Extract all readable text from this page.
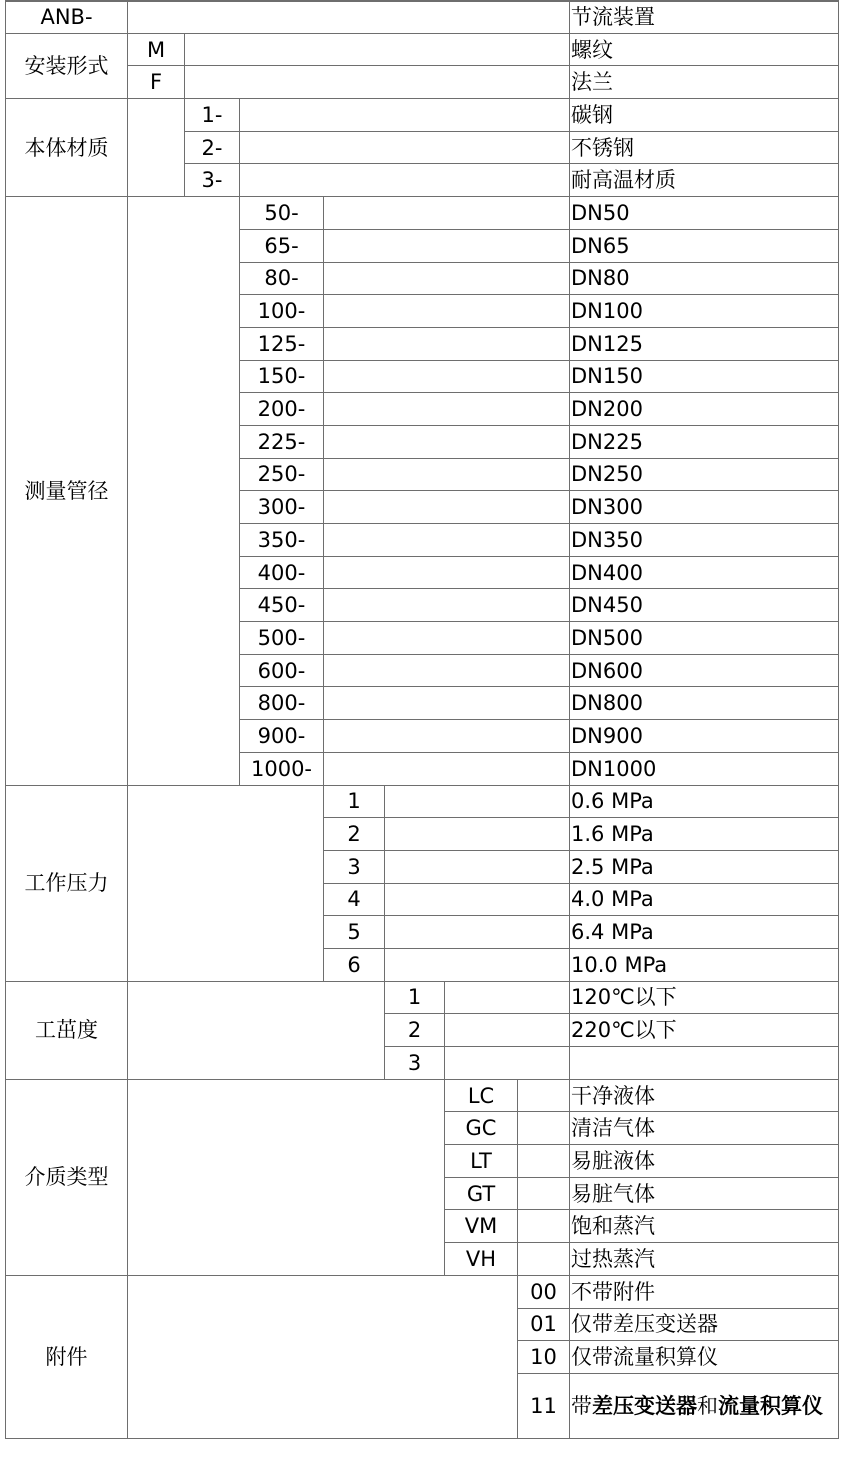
ANB-								节流装置
安装形式	M							螺纹
	F							法兰
本体材质		1-						碳钢
		2-						不锈钢
		3-						耐高温材质
测量管径			50-					DN50
			65-					DN65
			80-					DN80
			100-					DN100
			125-					DN125
			150-					DN150
			200-					DN200
			225-					DN225
			250-					DN250
			300-					DN300
			350-					DN350
			400-					DN400
			450-					DN450
			500-					DN500
			600-					DN600
			800-					DN800
			900-					DN900
			1000-					DN1000
工作压力				1				0.6 MPa
				2				1.6 MPa
				3				2.5 MPa
				4				4.0 MPa
				5				6.4 MPa
				6				10.0 MPa
工茁度					1			120℃以下
					2			220℃以下
					3			
介质类型						LC		干净液体
						GC		清洁气体
						LT		易脏液体
						GT		易脏气体
						VM		饱和蒸汽
						VH		过热蒸汽
附件							00	不带附件
							01	仅带差压变送器
							10	仅带流量积算仪
							11	带差压变送器和流量积算仪
